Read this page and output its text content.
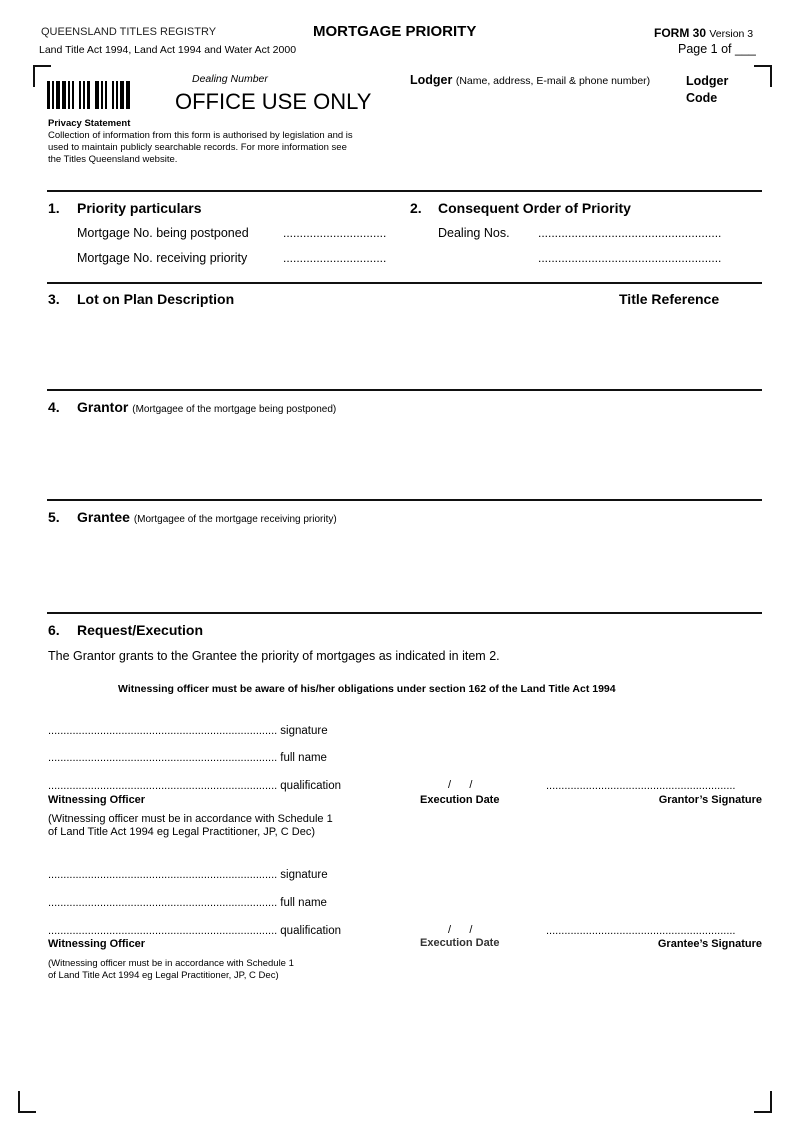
QUEENSLAND TITLES REGISTRY
Land Title Act 1994, Land Act 1994 and Water Act 2000
MORTGAGE PRIORITY	FORM 30 Version 3
Page 1 of ___
Dealing Number
OFFICE USE ONLY
Lodger (Name, address, E-mail & phone number)	Lodger
Code
Privacy Statement
Collection of information from this form is authorised by legislation and is
used to maintain publicly searchable records. For more information see
the Titles Queensland website.
1. Priority particulars
Mortgage No. being postponed	...............................
Mortgage No. receiving priority	...............................
2. Consequent Order of Priority
Dealing Nos. .......................................................
.......................................................
3. Lot on Plan Description	Title Reference
4. Grantor (Mortgagee of the mortgage being postponed)
5. Grantee (Mortgagee of the mortgage receiving priority)
6. Request/Execution
The Grantor grants to the Grantee the priority of mortgages as indicated in item 2.
Witnessing officer must be aware of his/her obligations under section 162 of the Land Title Act 1994
........................................................................... signature
........................................................................... full name
........................................................................... qualification	/      /	..............................................................
Witnessing Officer	Execution Date	Grantor’s Signature
(Witnessing officer must be in accordance with Schedule 1
of Land Title Act 1994 eg Legal Practitioner, JP, C Dec)
........................................................................... signature
........................................................................... full name
........................................................................... qualification	/      /	..............................................................
Witnessing Officer	Execution Date	Grantee’s Signature
(Witnessing officer must be in accordance with Schedule 1
of Land Title Act 1994 eg Legal Practitioner, JP, C Dec)
